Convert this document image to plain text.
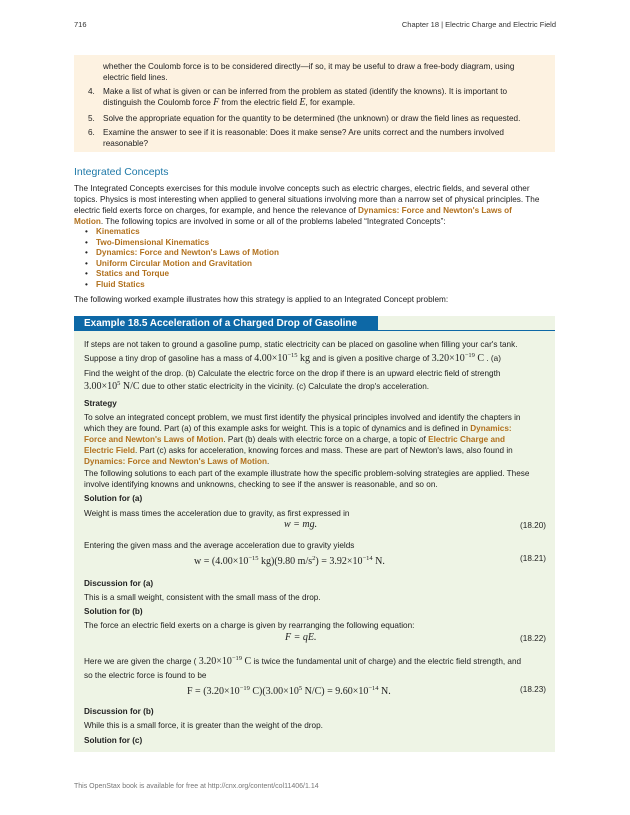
716	Chapter 18 | Electric Charge and Electric Field
whether the Coulomb force is to be considered directly—if so, it may be useful to draw a free-body diagram, using
electric field lines.
4. Make a list of what is given or can be inferred from the problem as stated (identify the knowns). It is important to
distinguish the Coulomb force F from the electric field E, for example.
5. Solve the appropriate equation for the quantity to be determined (the unknown) or draw the field lines as requested.
6. Examine the answer to see if it is reasonable: Does it make sense? Are units correct and the numbers involved
reasonable?
Integrated Concepts
The Integrated Concepts exercises for this module involve concepts such as electric charges, electric fields, and several other
topics. Physics is most interesting when applied to general situations involving more than a narrow set of physical principles. The
electric field exerts force on charges, for example, and hence the relevance of Dynamics: Force and Newton's Laws of
Motion. The following topics are involved in some or all of the problems labeled “Integrated Concepts”:
• Kinematics
• Two-Dimensional Kinematics
• Dynamics: Force and Newton's Laws of Motion
• Uniform Circular Motion and Gravitation
• Statics and Torque
• Fluid Statics
The following worked example illustrates how this strategy is applied to an Integrated Concept problem:
Example 18.5 Acceleration of a Charged Drop of Gasoline
If steps are not taken to ground a gasoline pump, static electricity can be placed on gasoline when filling your car's tank.
Suppose a tiny drop of gasoline has a mass of $4.00\times 10^{-15}$ kg and is given a positive charge of $3.20\times 10^{-19}$ C . (a)
Find the weight of the drop. (b) Calculate the electric force on the drop if there is an upward electric field of strength
$3.00\times 10^5$ N/C due to other static electricity in the vicinity. (c) Calculate the drop's acceleration.
Strategy
To solve an integrated concept problem, we must first identify the physical principles involved and identify the chapters in
which they are found. Part (a) of this example asks for weight. This is a topic of dynamics and is defined in Dynamics:
Force and Newton's Laws of Motion. Part (b) deals with electric force on a charge, a topic of Electric Charge and
Electric Field. Part (c) asks for acceleration, knowing forces and mass. These are part of Newton's laws, also found in
Dynamics: Force and Newton's Laws of Motion.
The following solutions to each part of the example illustrate how the specific problem-solving strategies are applied. These
involve identifying knowns and unknowns, checking to see if the answer is reasonable, and so on.
Solution for (a)
Weight is mass times the acceleration due to gravity, as first expressed in
w = mg.	(18.20)
Entering the given mass and the average acceleration due to gravity yields
$w = (4.00\times 10^{-15}$ kg)(9.80 $m/s^2) = 3.92\times 10^{-14}$ N.	(18.21)
Discussion for (a)
This is a small weight, consistent with the small mass of the drop.
Solution for (b)
The force an electric field exerts on a charge is given by rearranging the following equation:
F = qE.	(18.22)
Here we are given the charge ( $3.20\times 10^{-19}$ C is twice the fundamental unit of charge) and the electric field strength, and
so the electric force is found to be
$F = (3.20\times 10^{-19}$ $C)(3.00\times 10^5$ $N/C) = 9.60\times 10^{-14}$ N.	(18.23)
Discussion for (b)
While this is a small force, it is greater than the weight of the drop.
Solution for (c)
This OpenStax book is available for free at http://cnx.org/content/col11406/1.14
